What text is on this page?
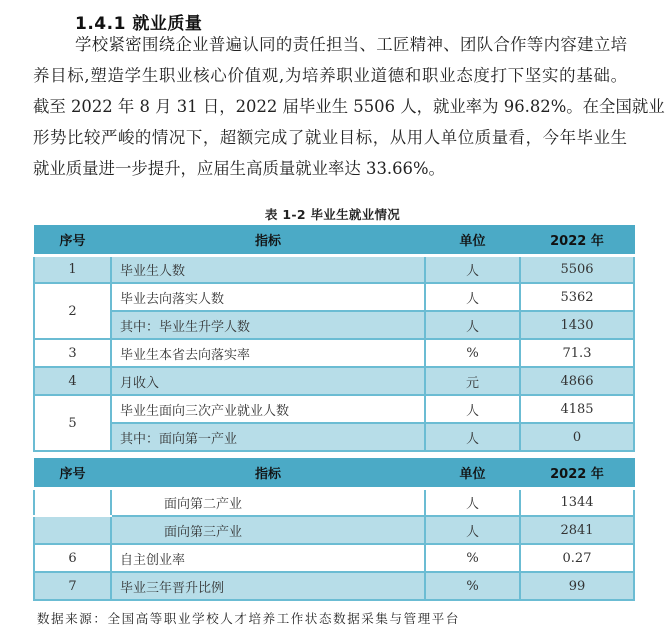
1.4.1 就业质量
学校紧密围绕企业普遍认同的责任担当、工匠精神、团队合作等内容建立培
养目标,塑造学生职业核心价值观,为培养职业道德和职业态度打下坚实的基础。
截至 2022 年 8 月 31 日，2022 届毕业生 5506 人，就业率为 96.82%。在全国就业
形势比较严峻的情况下，超额完成了就业目标，从用人单位质量看，今年毕业生
就业质量进一步提升，应届生高质量就业率达 33.66%。
表 1-2 毕业生就业情况
序号	指标	单位	2022 年
1	毕业生人数	人	5506
2	毕业去向落实人数	人	5362
	其中：毕业生升学人数	人	1430
3	毕业生本省去向落实率	%	71.3
4	月收入	元	4866
5	毕业生面向三次产业就业人数	人	4185
	其中：面向第一产业	人	0
序号	指标	单位	2022 年
	面向第二产业	人	1344
	面向第三产业	人	2841
6	自主创业率	%	0.27
7	毕业三年晋升比例	%	99
数据来源：全国高等职业学校人才培养工作状态数据采集与管理平台
